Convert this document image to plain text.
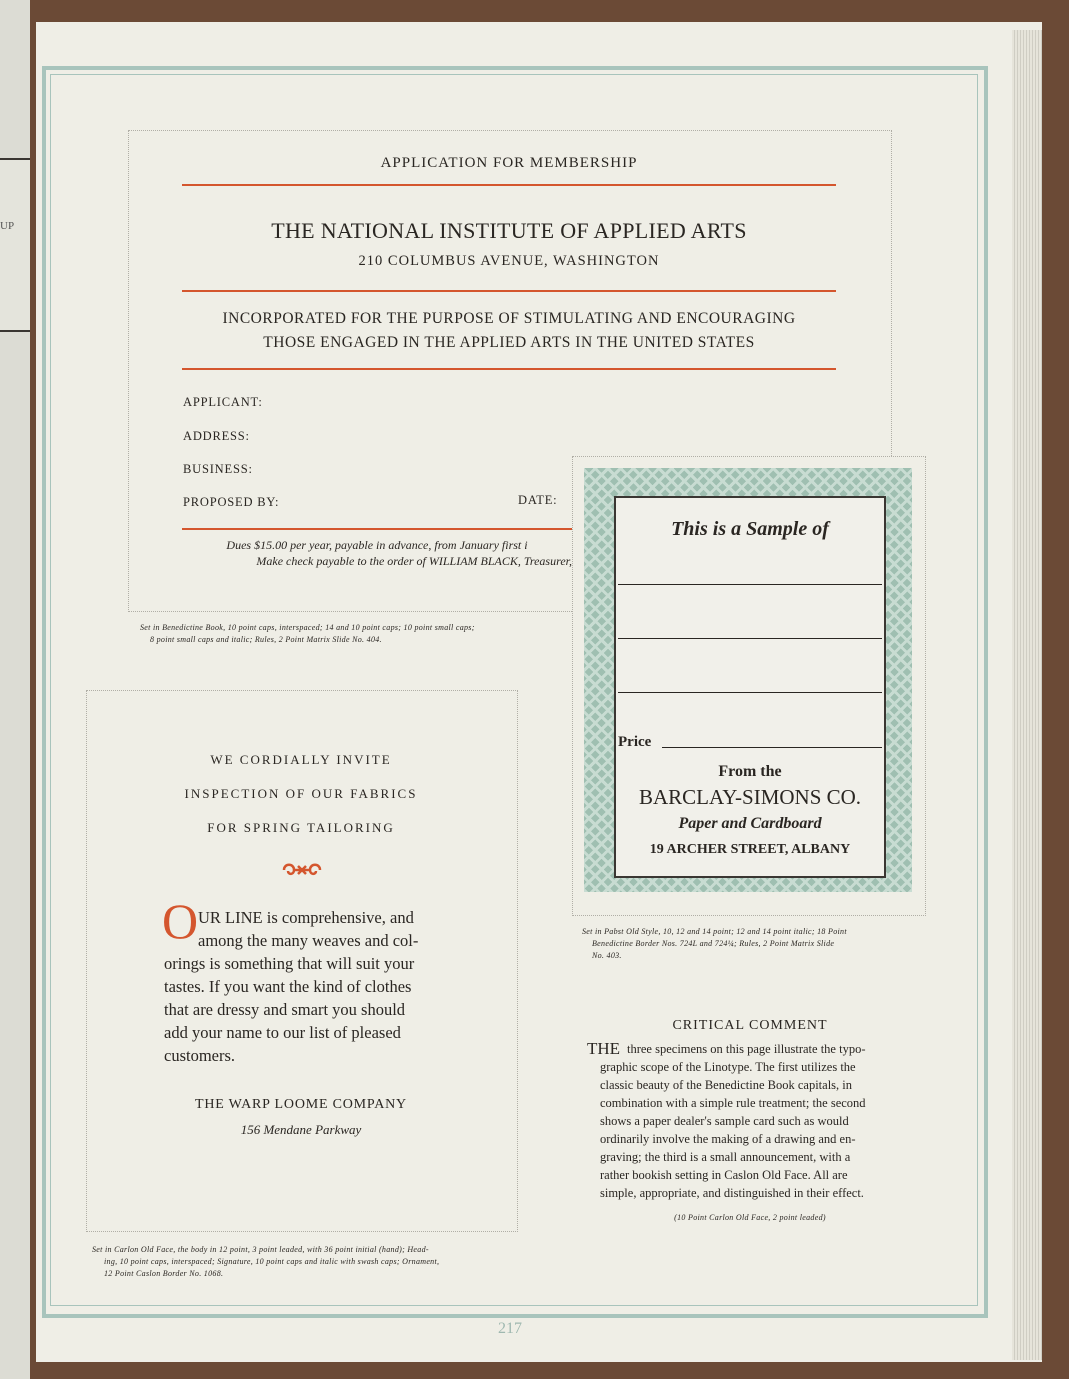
UP
APPLICATION FOR MEMBERSHIP
THE NATIONAL INSTITUTE OF APPLIED ARTS
210 COLUMBUS AVENUE, WASHINGTON
INCORPORATED FOR THE PURPOSE OF STIMULATING AND ENCOURAGING
THOSE ENGAGED IN THE APPLIED ARTS IN THE UNITED STATES
APPLICANT:
ADDRESS:
BUSINESS:
PROPOSED BY:	DATE:
Dues $15.00 per year, payable in advance, from January first i
Make check payable to the order of WILLIAM BLACK, Treasurer,
Set in Benedictine Book, 10 point caps, interspaced; 14 and 10 point caps; 10 point small caps;
8 point small caps and italic; Rules, 2 Point Matrix Slide No. 404.
This is a Sample of
Price
From the
BARCLAY-SIMONS CO.
Paper and Cardboard
19 ARCHER STREET, ALBANY
Set in Pabst Old Style, 10, 12 and 14 point; 12 and 14 point italic; 18 Point
Benedictine Border Nos. 724L and 724¼; Rules, 2 Point Matrix Slide
No. 403.
WE CORDIALLY INVITE
INSPECTION OF OUR FABRICS
FOR SPRING TAILORING
O UR LINE is comprehensive, and
among the many weaves and col-
orings is something that will suit your
tastes. If you want the kind of clothes
that are dressy and smart you should
add your name to our list of pleased
customers.
THE WARP LOOME COMPANY
156 Mendane Parkway
Set in Carlon Old Face, the body in 12 point, 3 point leaded, with 36 point initial (hand); Head-
ing, 10 point caps, interspaced; Signature, 10 point caps and italic with swash caps; Ornament,
12 Point Caslon Border No. 1068.
CRITICAL COMMENT
THE three specimens on this page illustrate the typo-
graphic scope of the Linotype. The first utilizes the
classic beauty of the Benedictine Book capitals, in
combination with a simple rule treatment; the second
shows a paper dealer's sample card such as would
ordinarily involve the making of a drawing and en-
graving; the third is a small announcement, with a
rather bookish setting in Caslon Old Face. All are
simple, appropriate, and distinguished in their effect.
(10 Point Carlon Old Face, 2 point leaded)
217
